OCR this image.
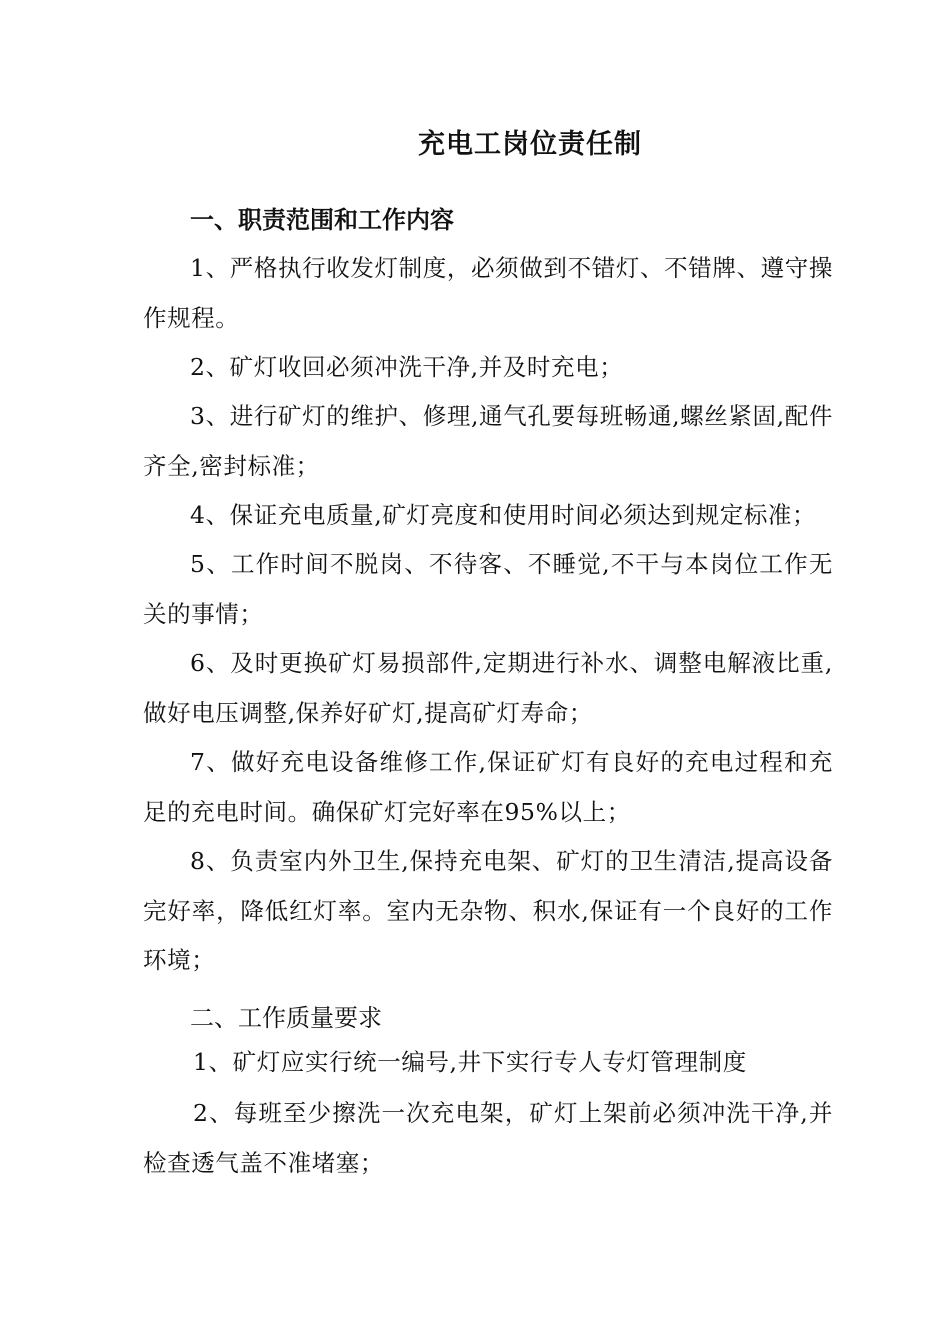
充电工岗位责任制
一、职责范围和工作内容
1、严格执行收发灯制度，必须做到不错灯、不错牌、遵守操作规程。
2、矿灯收回必须冲洗干净,并及时充电；
3、进行矿灯的维护、修理,通气孔要每班畅通,螺丝紧固,配件齐全,密封标准；
4、保证充电质量,矿灯亮度和使用时间必须达到规定标准；
5、工作时间不脱岗、不待客、不睡觉,不干与本岗位工作无关的事情；
6、及时更换矿灯易损部件,定期进行补水、调整电解液比重,做好电压调整,保养好矿灯,提高矿灯寿命；
7、做好充电设备维修工作,保证矿灯有良好的充电过程和充足的充电时间。确保矿灯完好率在95%以上；
8、负责室内外卫生,保持充电架、矿灯的卫生清洁,提高设备完好率，降低红灯率。室内无杂物、积水,保证有一个良好的工作环境；
二、工作质量要求
1、矿灯应实行统一编号,井下实行专人专灯管理制度
2、每班至少擦洗一次充电架，矿灯上架前必须冲洗干净,并检查透气盖不准堵塞；
